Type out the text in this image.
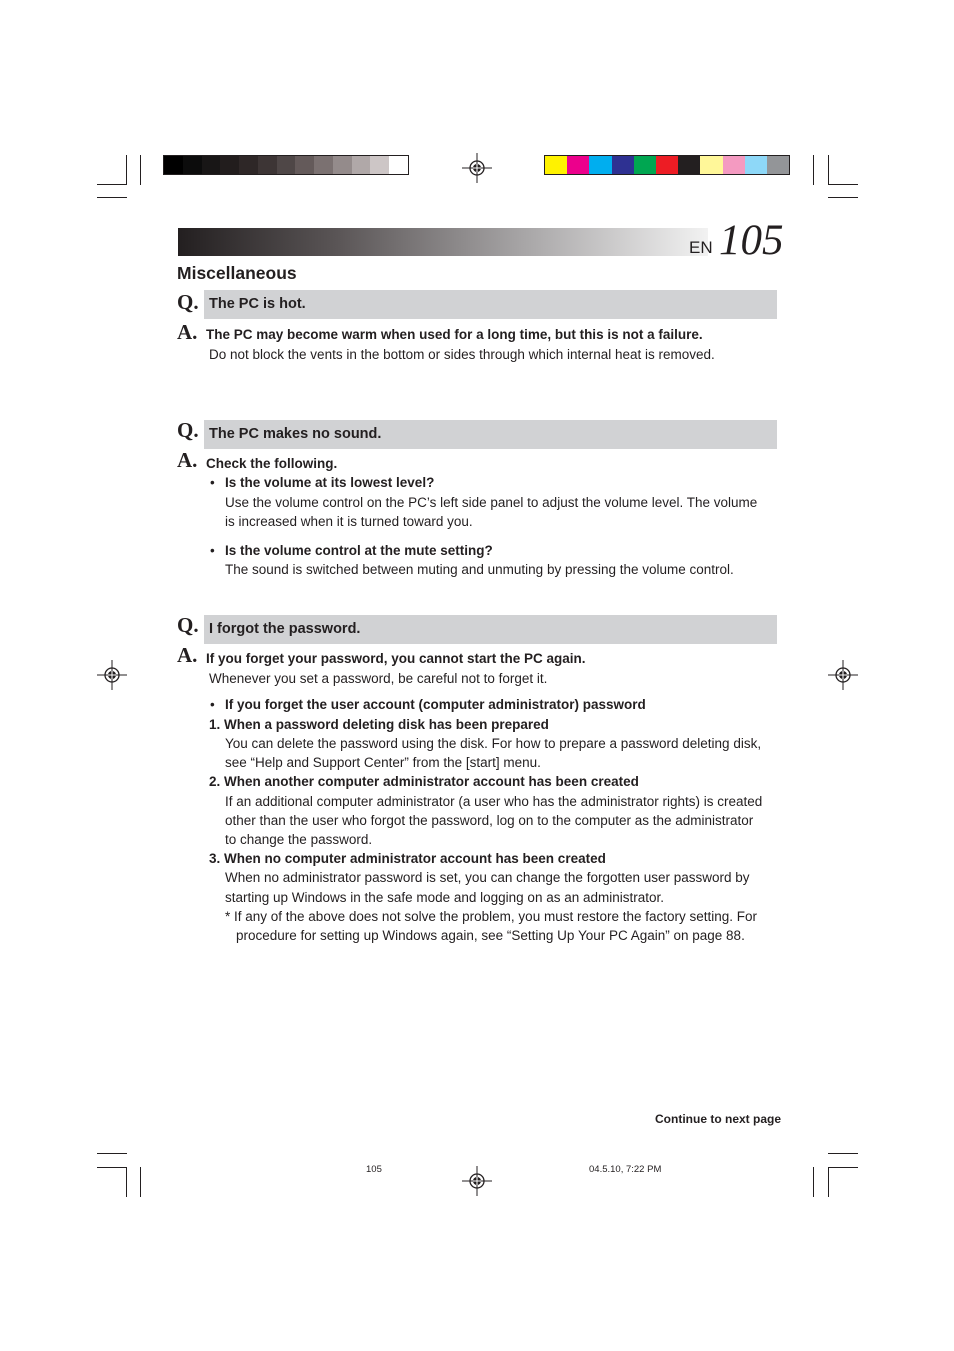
EN 105
Miscellaneous
Q. The PC is hot.
A. The PC may become warm when used for a long time, but this is not a failure.
Do not block the vents in the bottom or sides through which internal heat is removed.
Q. The PC makes no sound.
A. Check the following.
• Is the volume at its lowest level?
Use the volume control on the PC’s left side panel to adjust the volume level. The volume
is increased when it is turned toward you.
• Is the volume control at the mute setting?
The sound is switched between muting and unmuting by pressing the volume control.
Q. I forgot the password.
A. If you forget your password, you cannot start the PC again.
Whenever you set a password, be careful not to forget it.
• If you forget the user account (computer administrator) password
1. When a password deleting disk has been prepared
You can delete the password using the disk. For how to prepare a password deleting disk,
see “Help and Support Center” from the [start] menu.
2. When another computer administrator account has been created
If an additional computer administrator (a user who has the administrator rights) is created
other than the user who forgot the password, log on to the computer as the administrator
to change the password.
3. When no computer administrator account has been created
When no administrator password is set, you can change the forgotten user password by
starting up Windows in the safe mode and logging on as an administrator.
* If any of the above does not solve the problem, you must restore the factory setting. For
procedure for setting up Windows again, see “Setting Up Your PC Again” on page 88.
Continue to next page
105	04.5.10, 7:22 PM
